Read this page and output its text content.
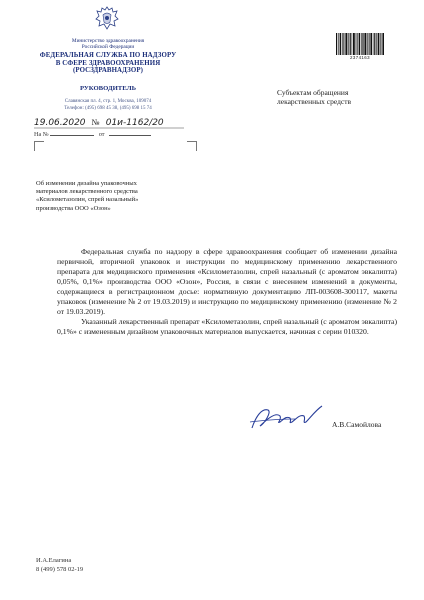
Министерство здравоохранения
Российской Федерации
ФЕДЕРАЛЬНАЯ СЛУЖБА ПО НАДЗОРУ
В СФЕРЕ ЗДРАВООХРАНЕНИЯ
(РОСЗДРАВНАДЗОР)
РУКОВОДИТЕЛЬ
Славянская пл. 4, стр. 1, Москва, 109074
Телефон: (495) 698 45 38, (495) 698 15 74
19.06.2020 № 01и-1162/20
На №	от
2374163
Субъектам обращения
лекарственных средств
Об изменении дизайна упаковочных
материалов лекарственного средства
«Ксилометазолин, спрей назальный»
производства ООО «Озон»

Федеральная служба по надзору в сфере здравоохранения сообщает об изменении дизайна первичной, вторичной упаковок и инструкции по медицинскому применению лекарственного препарата для медицинского применения «Ксилометазолин, спрей назальный (с ароматом эвкалипта) 0,05%, 0,1%» производства ООО «Озон», Россия, в связи с внесением изменений в документы, содержащиеся в регистрационном досье: нормативную документацию ЛП-003608-300117, макеты упаковок (изменение № 2 от 19.03.2019) и инструкцию по медицинскому применению (изменение № 2 от 19.03.2019).

Указанный лекарственный препарат «Ксилометазолин, спрей назальный (с ароматом эвкалипта) 0,1%» с измененным дизайном упаковочных материалов выпускается, начиная с серии 010320.

А.В.Самойлова
И.А.Елагина
8 (499) 578 02-19
